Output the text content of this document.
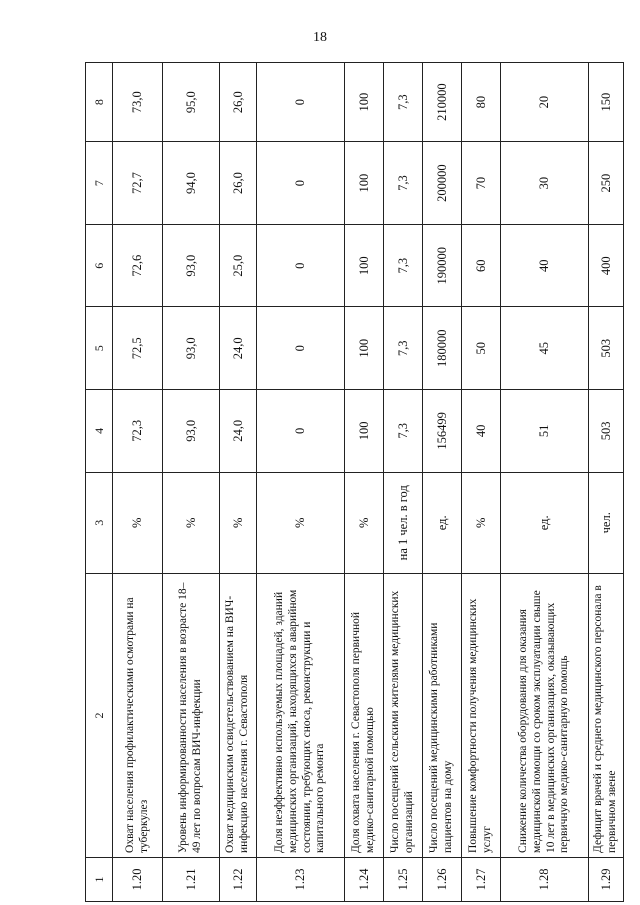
18
1	2	3	4	5	6	7	8
1.20	Охват населения профилактическими осмотрами на туберкулез	%	72,3	72,5	72,6	72,7	73,0
1.21	Уровень информированности населения в возрасте 18–49 лет по вопросам ВИЧ-инфекции	%	93,0	93,0	93,0	94,0	95,0
1.22	Охват медицинским освидетельствованием на ВИЧ-инфекцию населения г. Севастополя	%	24,0	24,0	25,0	26,0	26,0
1.23	Доля неэффективно используемых площадей, зданий медицинских организаций, находящихся в аварийном состоянии, требующих сноса, реконструкции и капитального ремонта	%	0	0	0	0	0
1.24	Доля охвата населения г. Севастополя первичной медико-санитарной помощью	%	100	100	100	100	100
1.25	Число посещений сельскими жителями медицинских организаций	на 1 чел. в год	7,3	7,3	7,3	7,3	7,3
1.26	Число посещений медицинскими работниками пациентов на дому	ед.	156499	180000	190000	200000	210000
1.27	Повышение комфортности получения медицинских услуг	%	40	50	60	70	80
1.28	Снижение количества оборудования для оказания медицинской помощи со сроком эксплуатации свыше 10 лет в медицинских организациях, оказывающих первичную медико-санитарную помощь	ед.	51	45	40	30	20
1.29	Дефицит врачей и среднего медицинского персонала в первичном звене	чел.	503	503	400	250	150
